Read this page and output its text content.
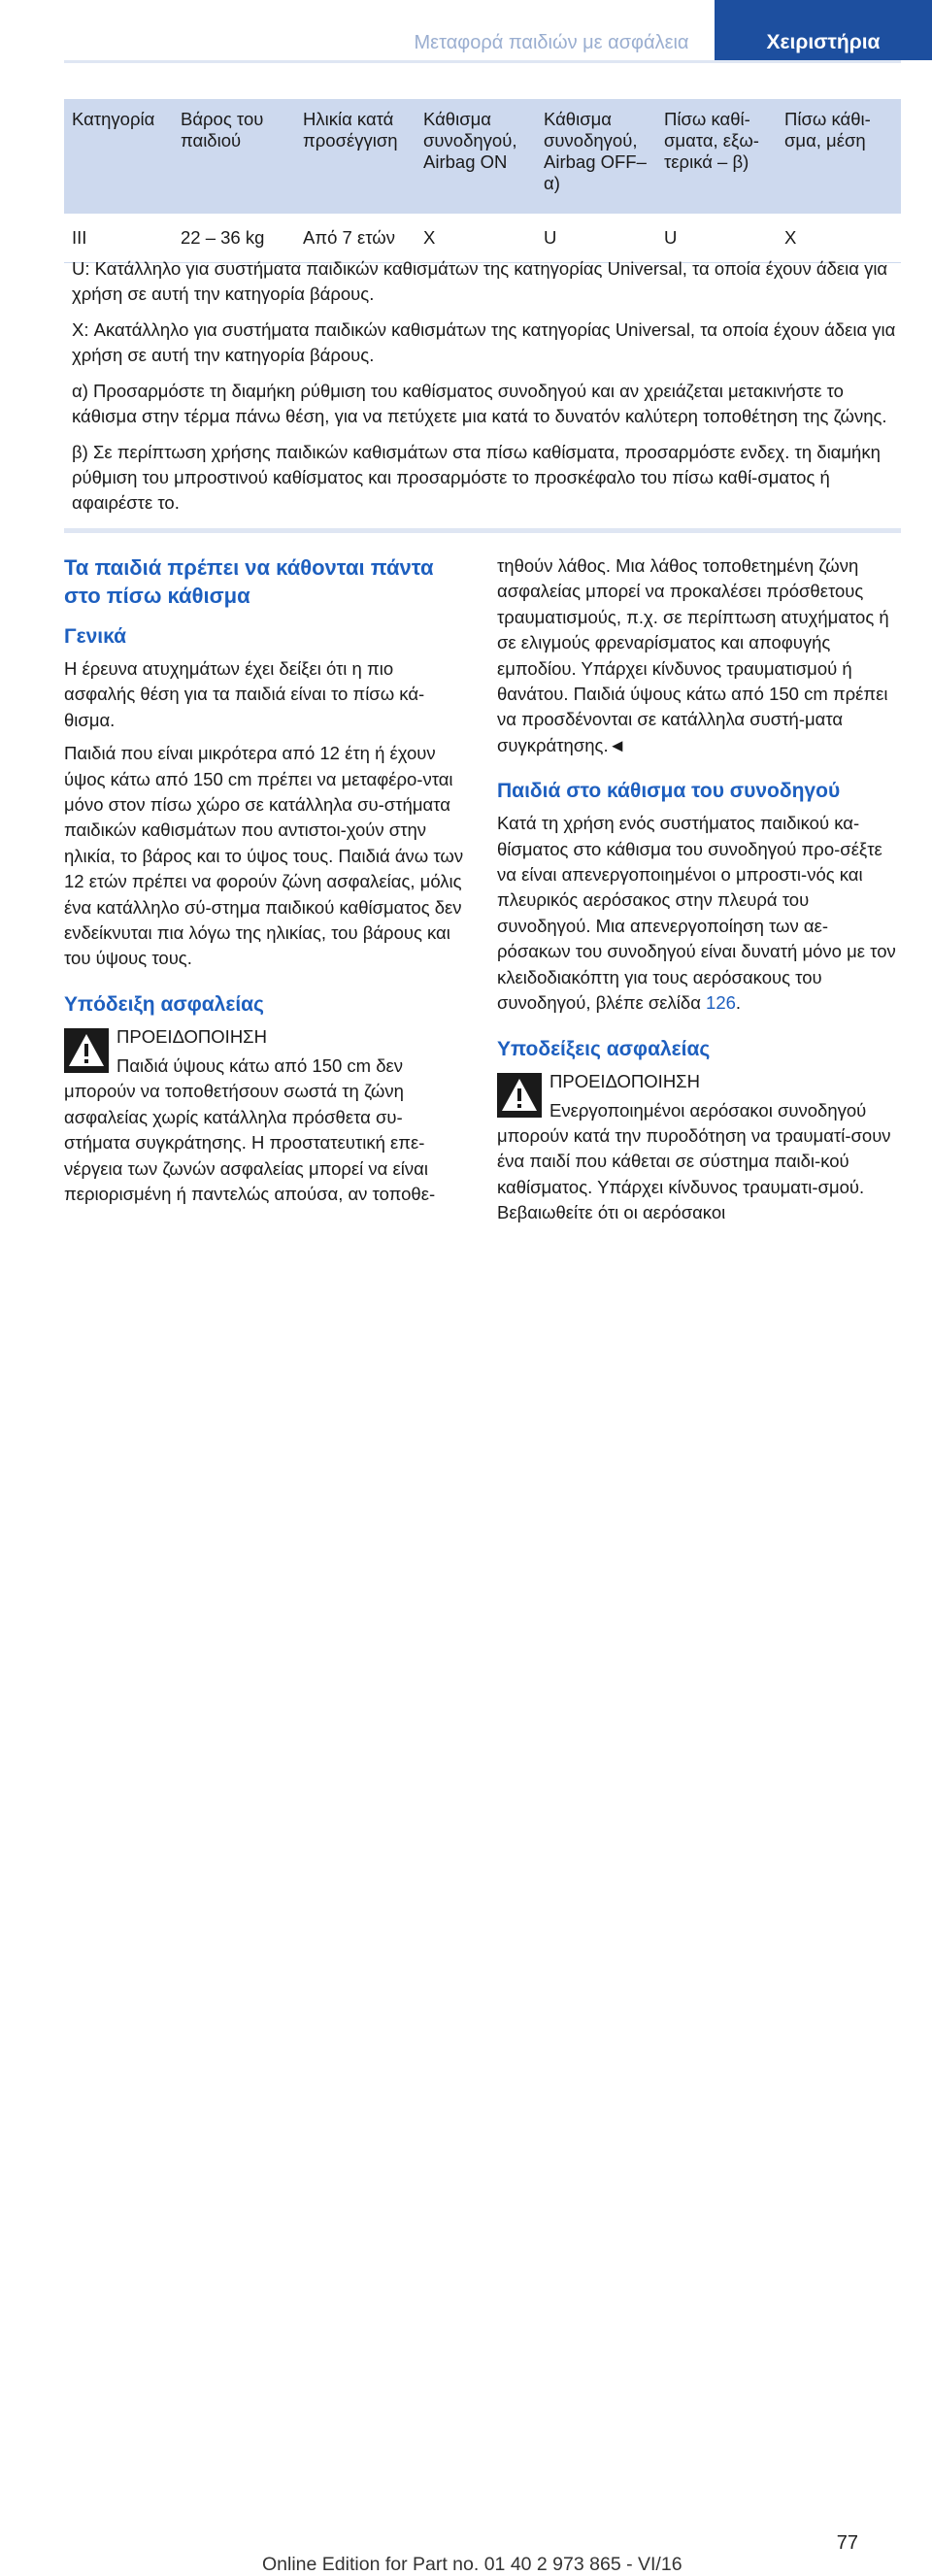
Μεταφορά παιδιών με ασφάλεια	Χειριστήρια
Κατηγορία	Βάρος του παιδιού	Ηλικία κατά προσέγγιση	Κάθισμα συνοδηγού, Airbag ON	Κάθισμα συνοδηγού, Airbag OFF– α)	Πίσω καθί-σματα, εξω-τερικά – β)	Πίσω κάθι-σμα, μέση
III	22 – 36 kg	Από 7 ετών	X	U	U	X

U: Κατάλληλο για συστήματα παιδικών καθισμάτων της κατηγορίας Universal, τα οποία έχουν άδεια για χρήση σε αυτή την κατηγορία βάρους.

X: Ακατάλληλο για συστήματα παιδικών καθισμάτων της κατηγορίας Universal, τα οποία έχουν άδεια για χρήση σε αυτή την κατηγορία βάρους.

α) Προσαρμόστε τη διαμήκη ρύθμιση του καθίσματος συνοδηγού και αν χρειάζεται μετακινήστε το κάθισμα στην τέρμα πάνω θέση, για να πετύχετε μια κατά το δυνατόν καλύτερη τοποθέτηση της ζώνης.

β) Σε περίπτωση χρήσης παιδικών καθισμάτων στα πίσω καθίσματα, προσαρμόστε ενδεχ. τη διαμήκη ρύθμιση του μπροστινού καθίσματος και προσαρμόστε το προσκέφαλο του πίσω καθί-σματος ή αφαιρέστε το.

Τα παιδιά πρέπει να κάθονται πάντα στο πίσω κάθισμα
Γενικά

Η έρευνα ατυχημάτων έχει δείξει ότι η πιο ασφαλής θέση για τα παιδιά είναι το πίσω κά-θισμα.

Παιδιά που είναι μικρότερα από 12 έτη ή έχουν ύψος κάτω από 150 cm πρέπει να μεταφέρο-νται μόνο στον πίσω χώρο σε κατάλληλα συ-στήματα παιδικών καθισμάτων που αντιστοι-χούν στην ηλικία, το βάρος και το ύψος τους. Παιδιά άνω των 12 ετών πρέπει να φορούν ζώνη ασφαλείας, μόλις ένα κατάλληλο σύ-στημα παιδικού καθίσματος δεν ενδείκνυται πια λόγω της ηλικίας, του βάρους και του ύψους τους.

Υπόδειξη ασφαλείας
ΠΡΟΕΙΔΟΠΟΙΗΣΗ

Παιδιά ύψους κάτω από 150 cm δεν μπορούν να τοποθετήσουν σωστά τη ζώνη ασφαλείας χωρίς κατάλληλα πρόσθετα συ-στήματα συγκράτησης. Η προστατευτική επε-νέργεια των ζωνών ασφαλείας μπορεί να είναι περιορισμένη ή παντελώς απούσα, αν τοποθε-

τηθούν λάθος. Μια λάθος τοποθετημένη ζώνη ασφαλείας μπορεί να προκαλέσει πρόσθετους τραυματισμούς, π.χ. σε περίπτωση ατυχήματος ή σε ελιγμούς φρεναρίσματος και αποφυγής εμποδίου. Υπάρχει κίνδυνος τραυματισμού ή θανάτου. Παιδιά ύψους κάτω από 150 cm πρέπει να προσδένονται σε κατάλληλα συστή-ματα συγκράτησης.◄

Παιδιά στο κάθισμα του συνοδηγού

Κατά τη χρήση ενός συστήματος παιδικού κα-θίσματος στο κάθισμα του συνοδηγού προ-σέξτε να είναι απενεργοποιημένοι ο μπροστι-νός και πλευρικός αερόσακος στην πλευρά του συνοδηγού. Μια απενεργοποίηση των αε-ρόσακων του συνοδηγού είναι δυνατή μόνο με τον κλειδοδιακόπτη για τους αερόσακους του συνοδηγού, βλέπε σελίδα 126.

Υποδείξεις ασφαλείας
ΠΡΟΕΙΔΟΠΟΙΗΣΗ

Ενεργοποιημένοι αερόσακοι συνοδηγού μπορούν κατά την πυροδότηση να τραυματί-σουν ένα παιδί που κάθεται σε σύστημα παιδι-κού καθίσματος. Υπάρχει κίνδυνος τραυματι-σμού. Βεβαιωθείτε ότι οι αερόσακοι

77
Online Edition for Part no. 01 40 2 973 865 - VI/16
